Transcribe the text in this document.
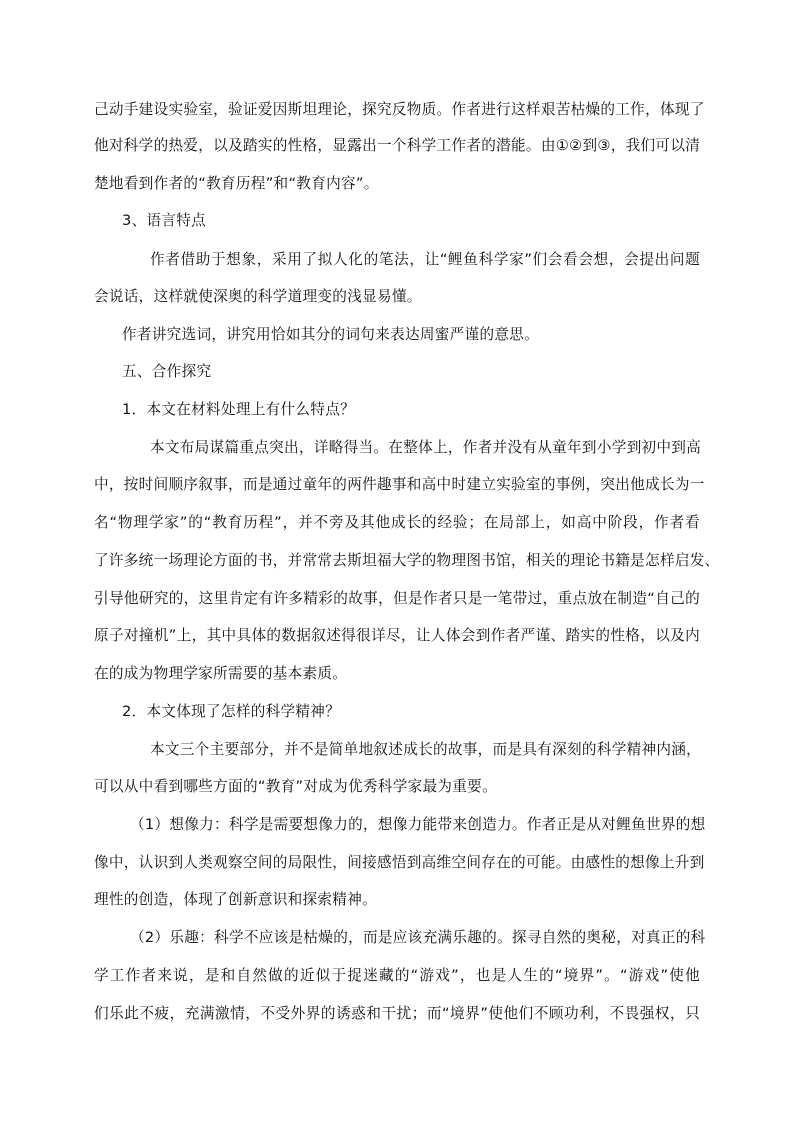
己动手建设实验室，验证爱因斯坦理论，探究反物质。作者进行这样艰苦枯燥的工作，体现了
他对科学的热爱，以及踏实的性格，显露出一个科学工作者的潜能。由①②到③，我们可以清
楚地看到作者的“教育历程”和“教育内容”。
3、语言特点
作者借助于想象，采用了拟人化的笔法，让“鲤鱼科学家”们会看会想，会提出问题
会说话，这样就使深奥的科学道理变的浅显易懂。
作者讲究选词，讲究用恰如其分的词句来表达周蜜严谨的意思。
五、合作探究
1．本文在材料处理上有什么特点？
本文布局谋篇重点突出，详略得当。在整体上，作者并没有从童年到小学到初中到高
中，按时间顺序叙事，而是通过童年的两件趣事和高中时建立实验室的事例，突出他成长为一
名“物理学家”的“教育历程”，并不旁及其他成长的经验；在局部上，如高中阶段，作者看
了许多统一场理论方面的书，并常常去斯坦福大学的物理图书馆，相关的理论书籍是怎样启发、
引导他研究的，这里肯定有许多精彩的故事，但是作者只是一笔带过，重点放在制造“自己的
原子对撞机”上，其中具体的数据叙述得很详尽，让人体会到作者严谨、踏实的性格，以及内
在的成为物理学家所需要的基本素质。
2．本文体现了怎样的科学精神？
本文三个主要部分，并不是简单地叙述成长的故事，而是具有深刻的科学精神内涵，
可以从中看到哪些方面的“教育”对成为优秀科学家最为重要。
（1）想像力：科学是需要想像力的，想像力能带来创造力。作者正是从对鲤鱼世界的想
像中，认识到人类观察空间的局限性，间接感悟到高维空间存在的可能。由感性的想像上升到
理性的创造，体现了创新意识和探索精神。
（2）乐趣：科学不应该是枯燥的，而是应该充满乐趣的。探寻自然的奥秘，对真正的科
学工作者来说，是和自然做的近似于捉迷藏的“游戏”，也是人生的“境界”。“游戏”使他
们乐此不疲，充满激情，不受外界的诱惑和干扰；而“境界”使他们不顾功利，不畏强权，只
